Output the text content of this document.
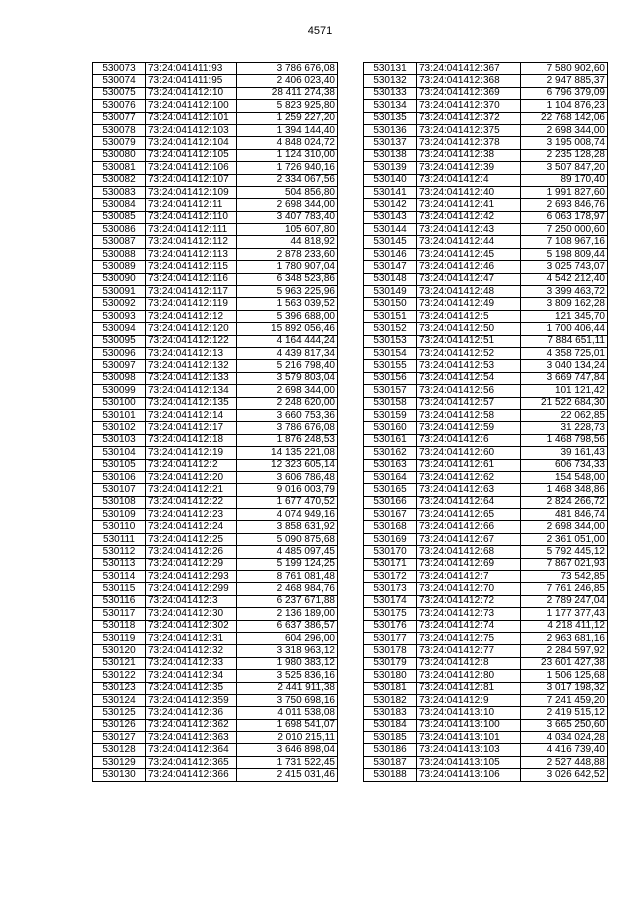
4571
530073	73:24:041411:93	3 786 676,08
530074	73:24:041411:95	2 406 023,40
530075	73:24:041412:10	28 411 274,38
530076	73:24:041412:100	5 823 925,80
530077	73:24:041412:101	1 259 227,20
530078	73:24:041412:103	1 394 144,40
530079	73:24:041412:104	4 848 024,72
530080	73:24:041412:105	1 124 310,00
530081	73:24:041412:106	1 726 940,16
530082	73:24:041412:107	2 334 067,56
530083	73:24:041412:109	504 856,80
530084	73:24:041412:11	2 698 344,00
530085	73:24:041412:110	3 407 783,40
530086	73:24:041412:111	105 607,80
530087	73:24:041412:112	44 818,92
530088	73:24:041412:113	2 878 233,60
530089	73:24:041412:115	1 780 907,04
530090	73:24:041412:116	6 348 523,86
530091	73:24:041412:117	5 963 225,96
530092	73:24:041412:119	1 563 039,52
530093	73:24:041412:12	5 396 688,00
530094	73:24:041412:120	15 892 056,46
530095	73:24:041412:122	4 164 444,24
530096	73:24:041412:13	4 439 817,34
530097	73:24:041412:132	5 216 798,40
530098	73:24:041412:133	3 579 803,04
530099	73:24:041412:134	2 698 344,00
530100	73:24:041412:135	2 248 620,00
530101	73:24:041412:14	3 660 753,36
530102	73:24:041412:17	3 786 676,08
530103	73:24:041412:18	1 876 248,53
530104	73:24:041412:19	14 135 221,08
530105	73:24:041412:2	12 323 605,14
530106	73:24:041412:20	3 606 786,48
530107	73:24:041412:21	9 016 003,79
530108	73:24:041412:22	1 677 470,52
530109	73:24:041412:23	4 074 949,16
530110	73:24:041412:24	3 858 631,92
530111	73:24:041412:25	5 090 875,68
530112	73:24:041412:26	4 485 097,45
530113	73:24:041412:29	5 199 124,25
530114	73:24:041412:293	8 761 081,48
530115	73:24:041412:299	2 468 984,76
530116	73:24:041412:3	6 237 671,88
530117	73:24:041412:30	2 136 189,00
530118	73:24:041412:302	6 637 386,57
530119	73:24:041412:31	604 296,00
530120	73:24:041412:32	3 318 963,12
530121	73:24:041412:33	1 980 383,12
530122	73:24:041412:34	3 525 836,16
530123	73:24:041412:35	2 441 911,38
530124	73:24:041412:359	3 750 698,16
530125	73:24:041412:36	4 011 538,08
530126	73:24:041412:362	1 698 541,07
530127	73:24:041412:363	2 010 215,11
530128	73:24:041412:364	3 646 898,04
530129	73:24:041412:365	1 731 522,45
530130	73:24:041412:366	2 415 031,46
530131	73:24:041412:367	7 580 902,60
530132	73:24:041412:368	2 947 885,37
530133	73:24:041412:369	6 796 379,09
530134	73:24:041412:370	1 104 876,23
530135	73:24:041412:372	22 768 142,06
530136	73:24:041412:375	2 698 344,00
530137	73:24:041412:378	3 195 008,74
530138	73:24:041412:38	2 235 128,28
530139	73:24:041412:39	3 507 847,20
530140	73:24:041412:4	89 170,40
530141	73:24:041412:40	1 991 827,60
530142	73:24:041412:41	2 693 846,76
530143	73:24:041412:42	6 063 178,97
530144	73:24:041412:43	7 250 000,60
530145	73:24:041412:44	7 108 967,16
530146	73:24:041412:45	5 198 809,44
530147	73:24:041412:46	3 025 743,07
530148	73:24:041412:47	4 542 212,40
530149	73:24:041412:48	3 399 463,72
530150	73:24:041412:49	3 809 162,28
530151	73:24:041412:5	121 345,70
530152	73:24:041412:50	1 700 406,44
530153	73:24:041412:51	7 884 651,11
530154	73:24:041412:52	4 358 725,01
530155	73:24:041412:53	3 040 134,24
530156	73:24:041412:54	3 669 747,84
530157	73:24:041412:56	101 121,42
530158	73:24:041412:57	21 522 684,30
530159	73:24:041412:58	22 062,85
530160	73:24:041412:59	31 228,73
530161	73:24:041412:6	1 468 798,56
530162	73:24:041412:60	39 161,43
530163	73:24:041412:61	606 734,33
530164	73:24:041412:62	154 548,00
530165	73:24:041412:63	1 468 348,86
530166	73:24:041412:64	2 824 266,72
530167	73:24:041412:65	481 846,74
530168	73:24:041412:66	2 698 344,00
530169	73:24:041412:67	2 361 051,00
530170	73:24:041412:68	5 792 445,12
530171	73:24:041412:69	7 867 021,93
530172	73:24:041412:7	73 542,85
530173	73:24:041412:70	7 761 246,85
530174	73:24:041412:72	2 789 247,04
530175	73:24:041412:73	1 177 377,43
530176	73:24:041412:74	4 218 411,12
530177	73:24:041412:75	2 963 681,16
530178	73:24:041412:77	2 284 597,92
530179	73:24:041412:8	23 601 427,38
530180	73:24:041412:80	1 506 125,68
530181	73:24:041412:81	3 017 198,32
530182	73:24:041412:9	7 241 459,20
530183	73:24:041413:10	2 419 515,12
530184	73:24:041413:100	3 665 250,60
530185	73:24:041413:101	4 034 024,28
530186	73:24:041413:103	4 416 739,40
530187	73:24:041413:105	2 527 448,88
530188	73:24:041413:106	3 026 642,52
